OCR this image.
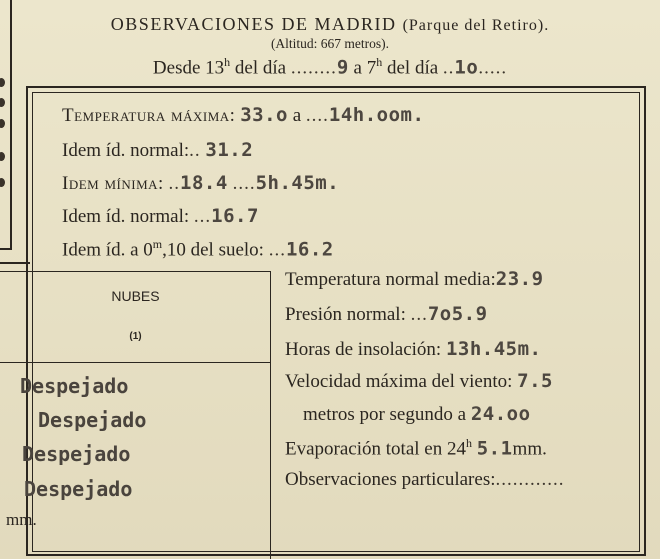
OBSERVACIONES DE MADRID (Parque del Retiro).
(Altitud: 667 metros).
Desde 13$^h$ del día ........9 a 7$^h$ del día ..1o.....
Temperatura máxima: 33.o a ....14h.oom.
Idem íd. normal:.. 31.2
Idem mínima: ..18.4 ....5h.45m.
Idem íd. normal: ...16.7
Idem íd. a 0$^m$,10 del suelo: ...16.2
NUBES
(1)
Despejado
Despejado
Despejado
Despejado
mm.
Temperatura normal media:23.9
Presión normal: ...7o5.9
Horas de insolación: 13h.45m.
Velocidad máxima del viento: 7.5
metros por segundo a 24.oo
Evaporación total en 24$^h$ 5.1mm.
Observaciones particulares:............
